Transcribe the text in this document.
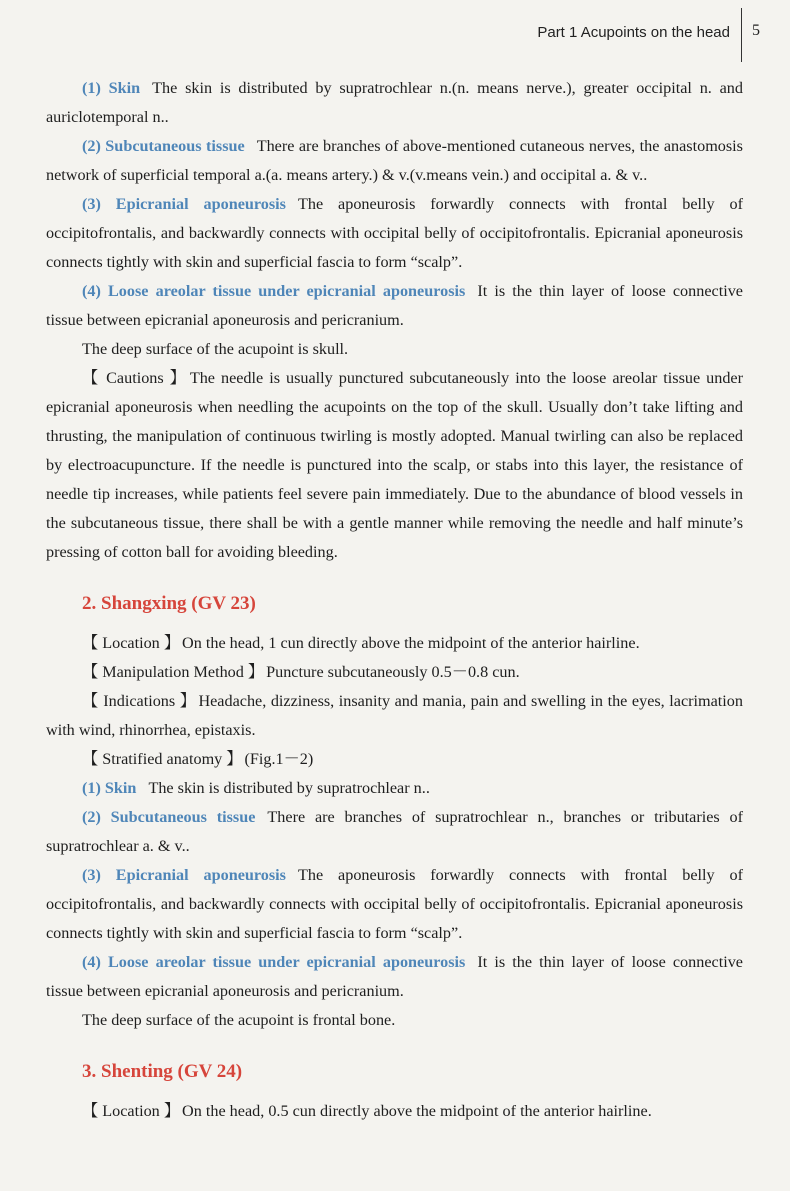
Part 1 Acupoints on the head 5

(1) Skin The skin is distributed by supratrochlear n.(n. means nerve.), greater occipital n. and auriclotemporal n..

(2) Subcutaneous tissue There are branches of above-mentioned cutaneous nerves, the anastomosis network of superficial temporal a.(a. means artery.) & v.(v.means vein.) and occipital a. & v..

(3) Epicranial aponeurosis The aponeurosis forwardly connects with frontal belly of occipitofrontalis, and backwardly connects with occipital belly of occipitofrontalis. Epicranial aponeurosis connects tightly with skin and superficial fascia to form “scalp”.

(4) Loose areolar tissue under epicranial aponeurosis It is the thin layer of loose connective tissue between epicranial aponeurosis and pericranium.

The deep surface of the acupoint is skull.

【 Cautions 】 The needle is usually punctured subcutaneously into the loose areolar tissue under epicranial aponeurosis when needling the acupoints on the top of the skull. Usually don’t take lifting and thrusting, the manipulation of continuous twirling is mostly adopted. Manual twirling can also be replaced by electroacupuncture. If the needle is punctured into the scalp, or stabs into this layer, the resistance of needle tip increases, while patients feel severe pain immediately. Due to the abundance of blood vessels in the subcutaneous tissue, there shall be with a gentle manner while removing the needle and half minute’s pressing of cotton ball for avoiding bleeding.

2. Shangxing (GV 23)

【 Location 】 On the head, 1 cun directly above the midpoint of the anterior hairline.

【 Manipulation Method 】 Puncture subcutaneously 0.5－0.8 cun.

【 Indications 】 Headache, dizziness, insanity and mania, pain and swelling in the eyes, lacrimation with wind, rhinorrhea, epistaxis.

【 Stratified anatomy 】 (Fig.1－2)

(1) Skin The skin is distributed by supratrochlear n..

(2) Subcutaneous tissue There are branches of supratrochlear n., branches or tributaries of supratrochlear a. & v..

(3) Epicranial aponeurosis The aponeurosis forwardly connects with frontal belly of occipitofrontalis, and backwardly connects with occipital belly of occipitofrontalis. Epicranial aponeurosis connects tightly with skin and superficial fascia to form “scalp”.

(4) Loose areolar tissue under epicranial aponeurosis It is the thin layer of loose connective tissue between epicranial aponeurosis and pericranium.

The deep surface of the acupoint is frontal bone.

3. Shenting (GV 24)

【 Location 】 On the head, 0.5 cun directly above the midpoint of the anterior hairline.
